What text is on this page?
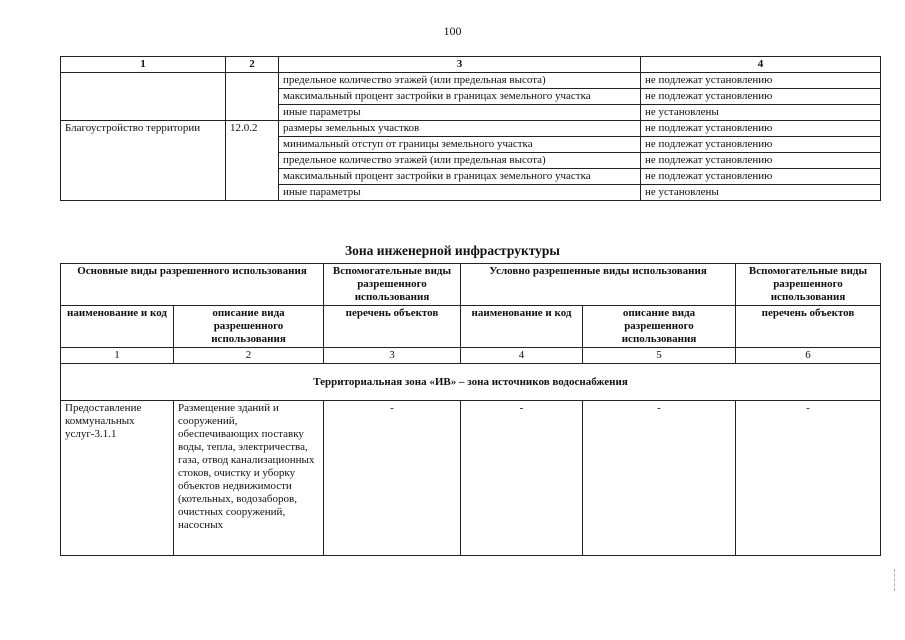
100
1	2	3	4
		предельное количество этажей (или предельная высота)	не подлежат установлению
		максимальный процент застройки в границах земельного участка	не подлежат установлению
		иные параметры	не установлены
Благоустройство территории	12.0.2	размеры земельных участков	не подлежат установлению
		минимальный отступ от границы земельного участка	не подлежат установлению
		предельное количество этажей (или предельная высота)	не подлежат установлению
		максимальный процент застройки в границах земельного участка	не подлежат установлению
		иные параметры	не установлены
Зона инженерной инфраструктуры
Основные виды разрешенного использования		Вспомогательные виды разрешенного использования	Условно разрешенные виды использования		Вспомогательные виды разрешенного использования
наименование и код	описание вида разрешенного использования	перечень объектов	наименование и код	описание вида разрешенного использования	перечень объектов
1	2	3	4	5	6
Территориальная зона «ИВ» – зона источников водоснабжения					
Предоставление коммунальных услуг-3.1.1	Размещение зданий и сооружений, обеспечивающих поставку воды, тепла, электричества, газа, отвод канализационных стоков, очистку и уборку объектов недвижимости (котельных, водозаборов, очистных сооружений, насосных	-	-	-	-
